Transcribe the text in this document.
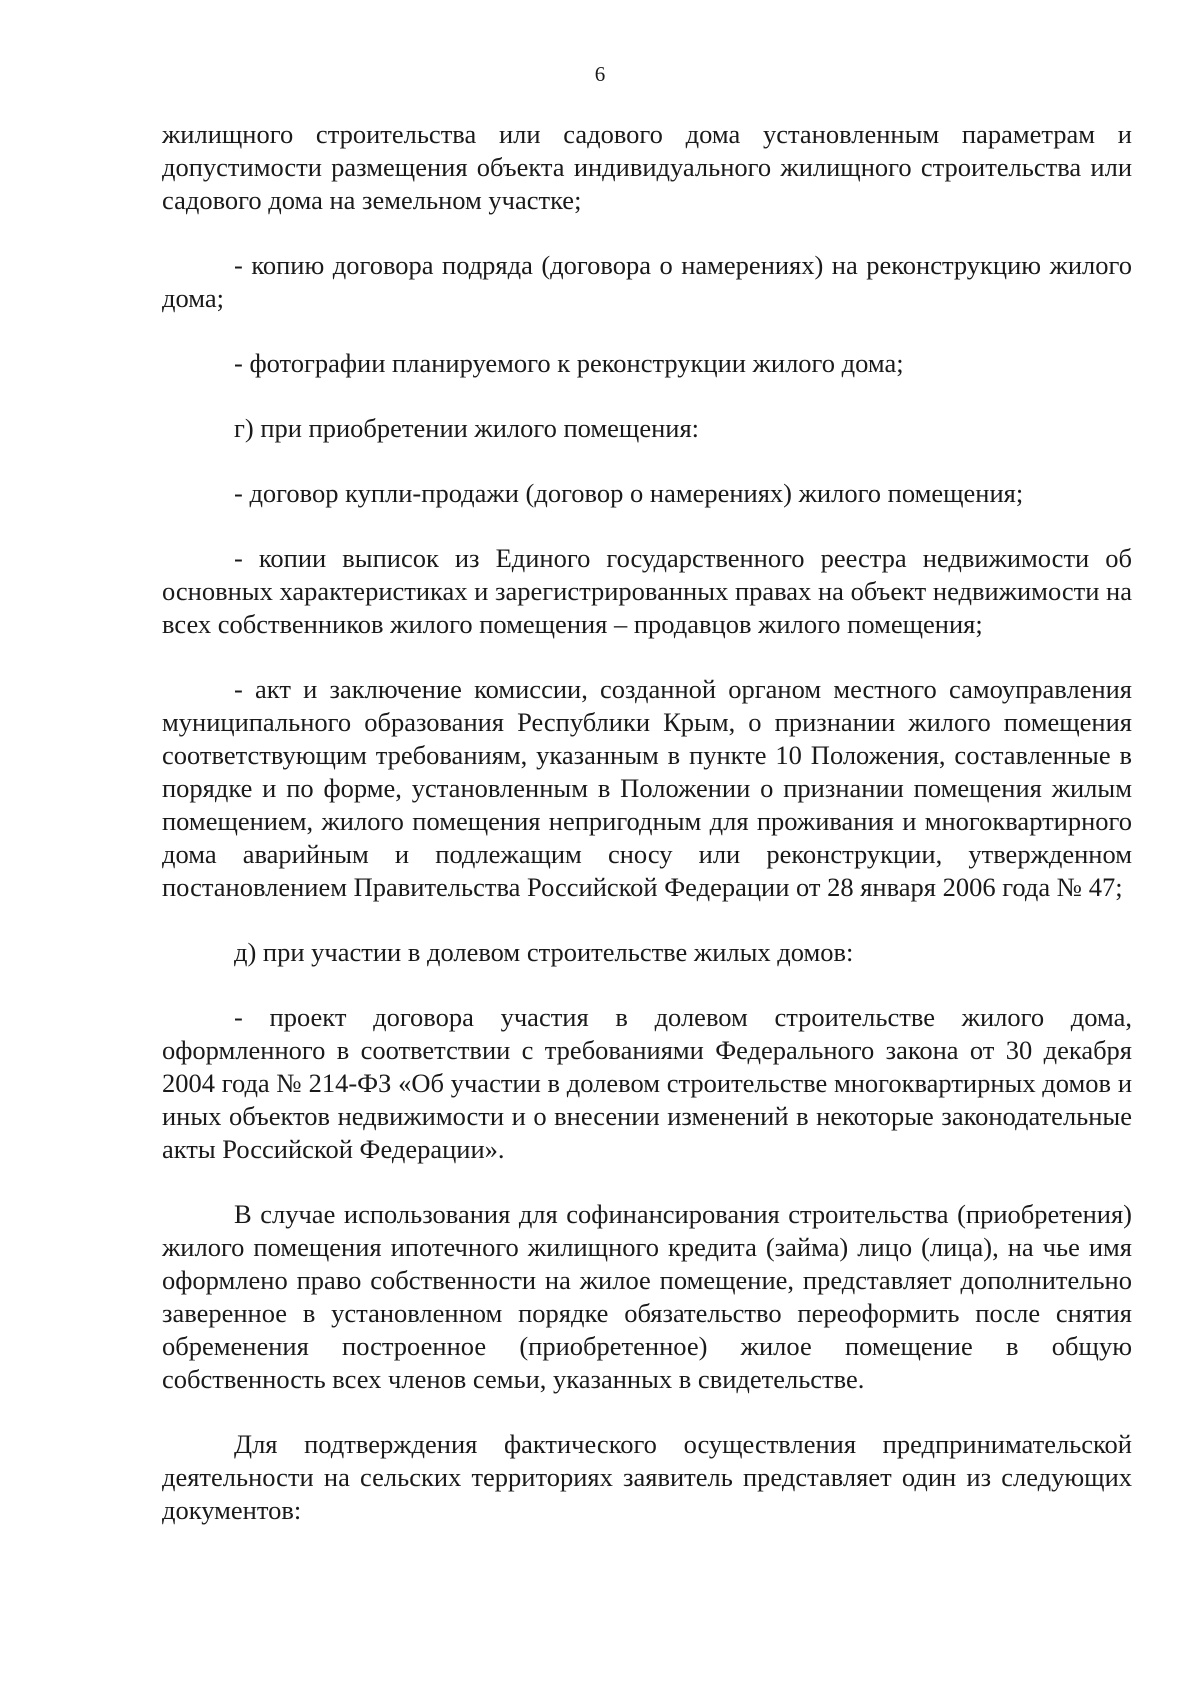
6

жилищного строительства или садового дома установленным параметрам и допустимости размещения объекта индивидуального жилищного строительства или садового дома на земельном участке;

- копию договора подряда (договора о намерениях) на реконструкцию жилого дома;

- фотографии планируемого к реконструкции жилого дома;

г) при приобретении жилого помещения:

- договор купли-продажи (договор о намерениях) жилого помещения;

- копии выписок из Единого государственного реестра недвижимости об основных характеристиках и зарегистрированных правах на объект недвижимости на всех собственников жилого помещения – продавцов жилого помещения;

- акт и заключение комиссии, созданной органом местного самоуправления муниципального образования Республики Крым, о признании жилого помещения соответствующим требованиям, указанным в пункте 10 Положения, составленные в порядке и по форме, установленным в Положении о признании помещения жилым помещением, жилого помещения непригодным для проживания и многоквартирного дома аварийным и подлежащим сносу или реконструкции, утвержденном постановлением Правительства Российской Федерации от 28 января 2006 года № 47;

д) при участии в долевом строительстве жилых домов:

- проект договора участия в долевом строительстве жилого дома, оформленного в соответствии с требованиями Федерального закона от 30 декабря 2004 года № 214-ФЗ «Об участии в долевом строительстве многоквартирных домов и иных объектов недвижимости и о внесении изменений в некоторые законодательные акты Российской Федерации».

В случае использования для софинансирования строительства (приобретения) жилого помещения ипотечного жилищного кредита (займа) лицо (лица), на чье имя оформлено право собственности на жилое помещение, представляет дополнительно заверенное в установленном порядке обязательство переоформить после снятия обременения построенное (приобретенное) жилое помещение в общую собственность всех членов семьи, указанных в свидетельстве.

Для подтверждения фактического осуществления предпринимательской деятельности на сельских территориях заявитель представляет один из следующих документов:
